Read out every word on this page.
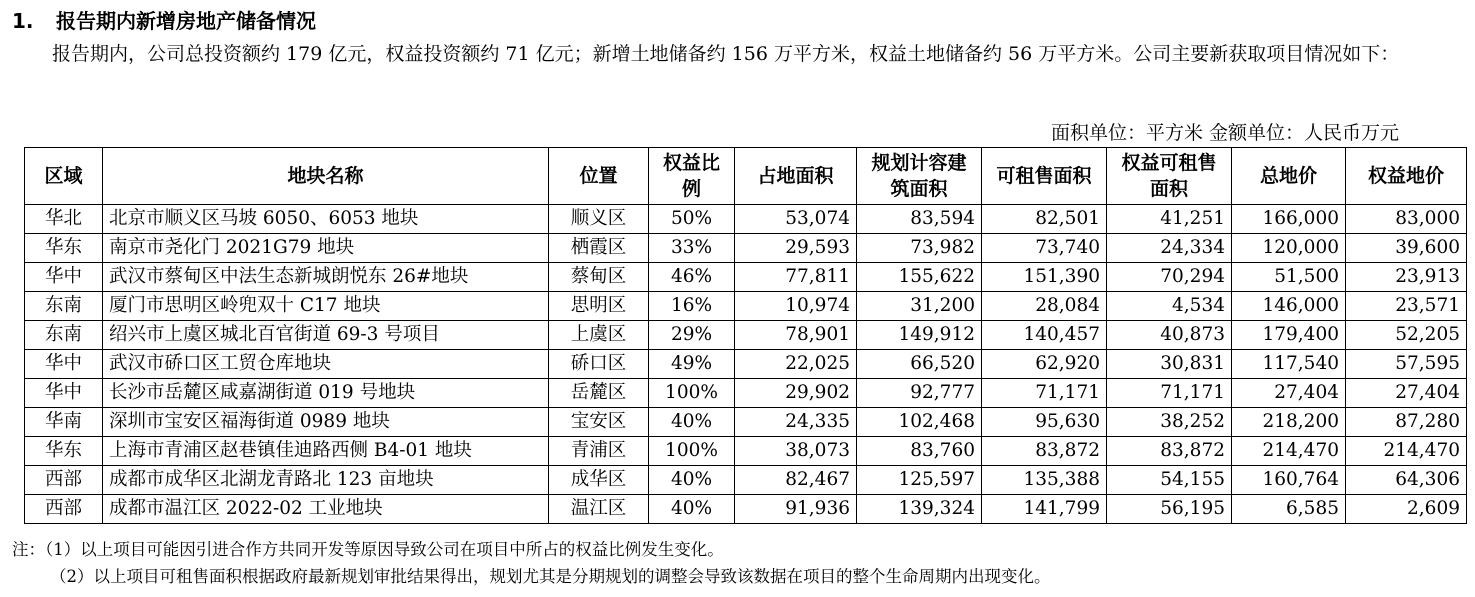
1. 报告期内新增房地产储备情况
报告期内，公司总投资额约 179 亿元，权益投资额约 71 亿元；新增土地储备约 156 万平方米，权益土地储备约 56 万平方米。公司主要新获取项目情况如下：
面积单位：平方米 金额单位：人民币万元
区域	地块名称	位置	权益比例	占地面积	规划计容建筑面积	可租售面积	权益可租售面积	总地价	权益地价
华北	北京市顺义区马坡 6050、6053 地块	顺义区	50%	53,074	83,594	82,501	41,251	166,000	83,000
华东	南京市尧化门 2021G79 地块	栖霞区	33%	29,593	73,982	73,740	24,334	120,000	39,600
华中	武汉市蔡甸区中法生态新城朗悦东 26#地块	蔡甸区	46%	77,811	155,622	151,390	70,294	51,500	23,913
东南	厦门市思明区岭兜双十 C17 地块	思明区	16%	10,974	31,200	28,084	4,534	146,000	23,571
东南	绍兴市上虞区城北百官街道 69-3 号项目	上虞区	29%	78,901	149,912	140,457	40,873	179,400	52,205
华中	武汉市硚口区工贸仓库地块	硚口区	49%	22,025	66,520	62,920	30,831	117,540	57,595
华中	长沙市岳麓区咸嘉湖街道 019 号地块	岳麓区	100%	29,902	92,777	71,171	71,171	27,404	27,404
华南	深圳市宝安区福海街道 0989 地块	宝安区	40%	24,335	102,468	95,630	38,252	218,200	87,280
华东	上海市青浦区赵巷镇佳迪路西侧 B4-01 地块	青浦区	100%	38,073	83,760	83,872	83,872	214,470	214,470
西部	成都市成华区北湖龙青路北 123 亩地块	成华区	40%	82,467	125,597	135,388	54,155	160,764	64,306
西部	成都市温江区 2022-02 工业地块	温江区	40%	91,936	139,324	141,799	56,195	6,585	2,609
注：（1）以上项目可能因引进合作方共同开发等原因导致公司在项目中所占的权益比例发生变化。
（2）以上项目可租售面积根据政府最新规划审批结果得出，规划尤其是分期规划的调整会导致该数据在项目的整个生命周期内出现变化。
